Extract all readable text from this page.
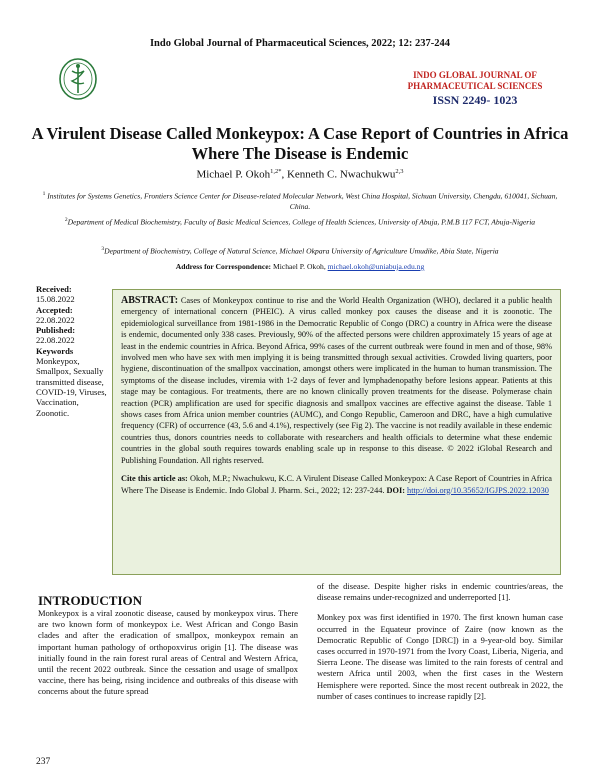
Indo Global Journal of Pharmaceutical Sciences, 2022; 12: 237-244
INDO GLOBAL JOURNAL OF
PHARMACEUTICAL SCIENCES
ISSN 2249- 1023
A Virulent Disease Called Monkeypox: A Case Report of Countries in Africa Where The Disease is Endemic
Michael P. Okoh$^{1,2*}$, Kenneth C. Nwachukwu$^{2,3}$
$^1$ Institutes for Systems Genetics, Frontiers Science Center for Disease-related Molecular Network, West China Hospital, Sichuan University, Chengdu, 610041, Sichuan, China.
$^2$Department of Medical Biochemistry, Faculty of Basic Medical Sciences, College of Health Sciences, University of Abuja, P.M.B 117 FCT, Abuja-Nigeria
$^3$Department of Biochemistry, College of Natural Science, Michael Okpara University of Agriculture Umudike, Abia State, Nigeria
Address for Correspondence: Michael P. Okoh, michael.okoh@uniabuja.edu.ng
Received:
15.08.2022
Accepted:
22.08.2022
Published:
22.08.2022
Keywords
Monkeypox, Smallpox, Sexually transmitted disease, COVID-19, Viruses, Vaccination, Zoonotic.
ABSTRACT: Cases of Monkeypox continue to rise and the World Health Organization (WHO), declared it a public health emergency of international concern (PHEIC). A virus called monkey pox causes the disease and it is zoonotic. The epidemiological surveillance from 1981-1986 in the Democratic Republic of Congo (DRC) a country in Africa were the disease is endemic, documented only 338 cases. Previously, 90% of the affected persons were children approximately 15 years of age at least in the endemic countries in Africa. Beyond Africa, 99% cases of the current outbreak were found in men and of those, 98% involved men who have sex with men implying it is being transmitted through sexual activities. Crowded living quarters, poor hygiene, discontinuation of the smallpox vaccination, amongst others were implicated in the human to human transmission. The symptoms of the disease includes, viremia with 1-2 days of fever and lymphadenopathy before lesions appear. Patients at this stage may be contagious. For treatments, there are no known clinically proven treatments for the disease. Polymerase chain reaction (PCR) amplification are used for specific diagnosis and smallpox vaccines are effective against the disease. Table 1 shows cases from Africa union member countries (AUMC), and Congo Republic, Cameroon and DRC, have a high cumulative frequency (CFR) of occurrence (43, 5.6 and 4.1%), respectively (see Fig 2). The vaccine is not readily available in these endemic countries thus, donors countries needs to collaborate with researchers and health officials to determine what these endemic countries in the global south requires towards enabling scale up in response to this disease. © 2022 iGlobal Research and Publishing Foundation. All rights reserved.
Cite this article as: Okoh, M.P.; Nwachukwu, K.C. A Virulent Disease Called Monkeypox: A Case Report of Countries in Africa Where The Disease is Endemic. Indo Global J. Pharm. Sci., 2022; 12: 237-244. DOI: http://doi.org/10.35652/IGJPS.2022.12030
INTRODUCTION
Monkeypox is a viral zoonotic disease, caused by monkeypox virus. There are two known form of monkeypox i.e. West African and Congo Basin clades and after the eradication of smallpox, monkeypox remain an important human pathology of orthopoxvirus origin [1]. The disease was initially found in the rain forest rural areas of Central and Western Africa, until the recent 2022 outbreak. Since the cessation and usage of smallpox vaccine, there has being, rising incidence and outbreaks of this disease with concerns about the future spread
of the disease. Despite higher risks in endemic countries/areas, the disease remains under-recognized and underreported [1].
Monkey pox was first identified in 1970. The first known human case occurred in the Equateur province of Zaire (now known as the Democratic Republic of Congo [DRC]) in a 9-year-old boy. Similar cases occurred in 1970-1971 from the Ivory Coast, Liberia, Nigeria, and Sierra Leone. The disease was limited to the rain forests of central and western Africa until 2003, when the first cases in the Western Hemisphere were reported. Since the most recent outbreak in 2022, the number of cases continues to increase rapidly [2].
237
